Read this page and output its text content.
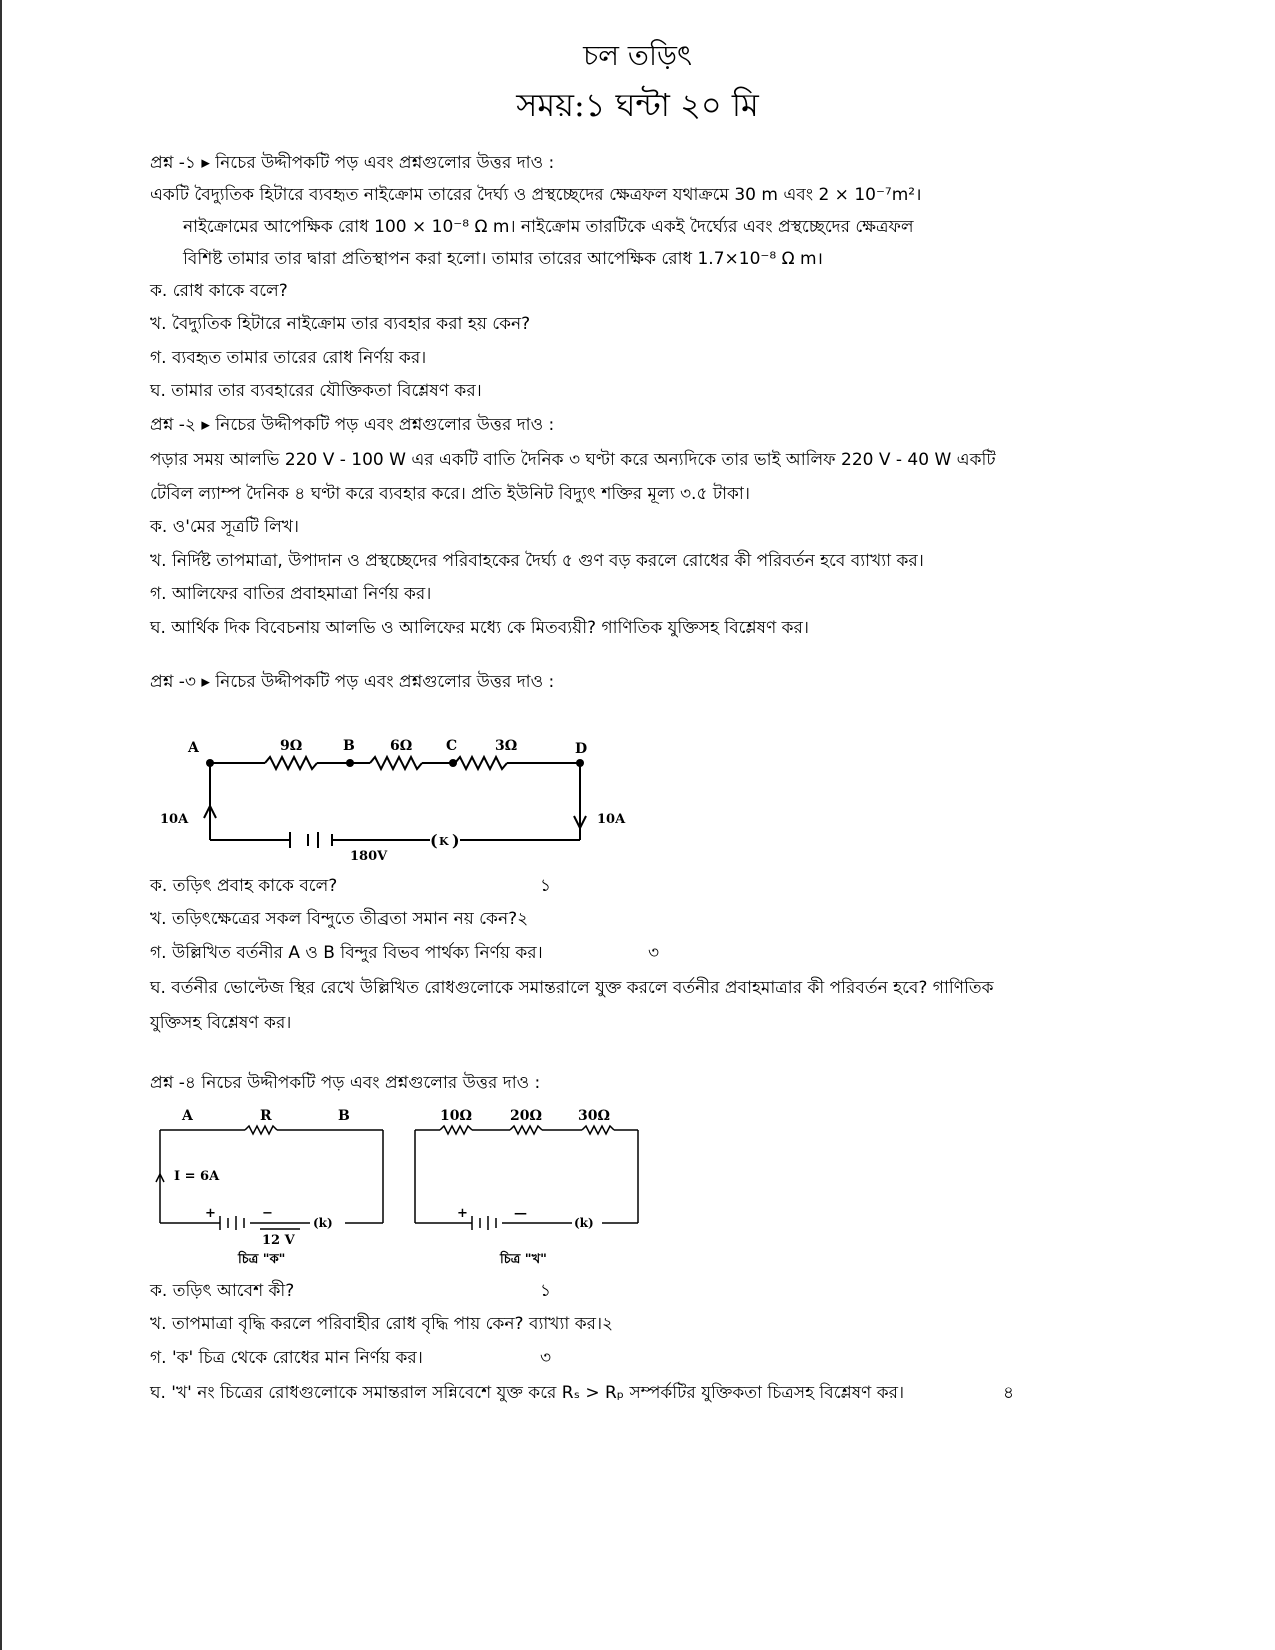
চল তড়িৎ
সময়:১ ঘন্টা ২০ মি
প্রশ্ন -১ ▸ নিচের উদ্দীপকটি পড় এবং প্রশ্নগুলোর উত্তর দাও :
একটি বৈদ্যুতিক হিটারে ব্যবহৃত নাইক্রোম তারের দৈর্ঘ্য ও প্রস্থচ্ছেদের ক্ষেত্রফল যথাক্রমে 30 m এবং 2 × 10⁻⁷m²।
নাইক্রোমের আপেক্ষিক রোধ 100 × 10⁻⁸ Ω m। নাইক্রোম তারটিকে একই দৈর্ঘ্যের এবং প্রস্থচ্ছেদের ক্ষেত্রফল
বিশিষ্ট তামার তার দ্বারা প্রতিস্থাপন করা হলো। তামার তারের আপেক্ষিক রোধ 1.7×10⁻⁸ Ω m।
ক. রোধ কাকে বলে?
খ. বৈদ্যুতিক হিটারে নাইক্রোম তার ব্যবহার করা হয় কেন?
গ. ব্যবহৃত তামার তারের রোধ নির্ণয় কর।
ঘ. তামার তার ব্যবহারের যৌক্তিকতা বিশ্লেষণ কর।
প্রশ্ন -২ ▸ নিচের উদ্দীপকটি পড় এবং প্রশ্নগুলোর উত্তর দাও :
পড়ার সময় আলভি 220 V - 100 W এর একটি বাতি দৈনিক ৩ ঘণ্টা করে অন্যদিকে তার ভাই আলিফ 220 V - 40 W একটি
টেবিল ল্যাম্প দৈনিক ৪ ঘণ্টা করে ব্যবহার করে। প্রতি ইউনিট বিদ্যুৎ শক্তির মূল্য ৩.৫ টাকা।
ক. ও'মের সূত্রটি লিখ।
খ. নির্দিষ্ট তাপমাত্রা, উপাদান ও প্রস্থচ্ছেদের পরিবাহকের দৈর্ঘ্য ৫ গুণ বড় করলে রোধের কী পরিবর্তন হবে ব্যাখ্যা কর।
গ. আলিফের বাতির প্রবাহমাত্রা নির্ণয় কর।
ঘ. আর্থিক দিক বিবেচনায় আলভি ও আলিফের মধ্যে কে মিতব্যয়ী? গাণিতিক যুক্তিসহ বিশ্লেষণ কর।
প্রশ্ন -৩ ▸ নিচের উদ্দীপকটি পড় এবং প্রশ্নগুলোর উত্তর দাও :
A	B	C	D
9Ω	6Ω	3Ω
10A	10A
180V
( K )
ক. তড়িৎ প্রবাহ কাকে বলে?	১
খ. তড়িৎক্ষেত্রের সকল বিন্দুতে তীব্রতা সমান নয় কেন?২
গ. উল্লিখিত বর্তনীর A ও B বিন্দুর বিভব পার্থক্য নির্ণয় কর।	৩
ঘ. বর্তনীর ভোল্টেজ স্থির রেখে উল্লিখিত রোধগুলোকে সমান্তরালে যুক্ত করলে বর্তনীর প্রবাহমাত্রার কী পরিবর্তন হবে? গাণিতিক
যুক্তিসহ বিশ্লেষণ কর।
প্রশ্ন -৪ নিচের উদ্দীপকটি পড় এবং প্রশ্নগুলোর উত্তর দাও :
A	R	B
I = 6A
+	−
12 V
(k)
চিত্র "ক"
10Ω	20Ω	30Ω
+	—
(k)
চিত্র "খ"
ক. তড়িৎ আবেশ কী?	১
খ. তাপমাত্রা বৃদ্ধি করলে পরিবাহীর রোধ বৃদ্ধি পায় কেন? ব্যাখ্যা কর।২
গ. 'ক' চিত্র থেকে রোধের মান নির্ণয় কর।	৩
ঘ. 'খ' নং চিত্রের রোধগুলোকে সমান্তরাল সন্নিবেশে যুক্ত করে Rₛ > Rₚ সম্পর্কটির যুক্তিকতা চিত্রসহ বিশ্লেষণ কর।	৪
